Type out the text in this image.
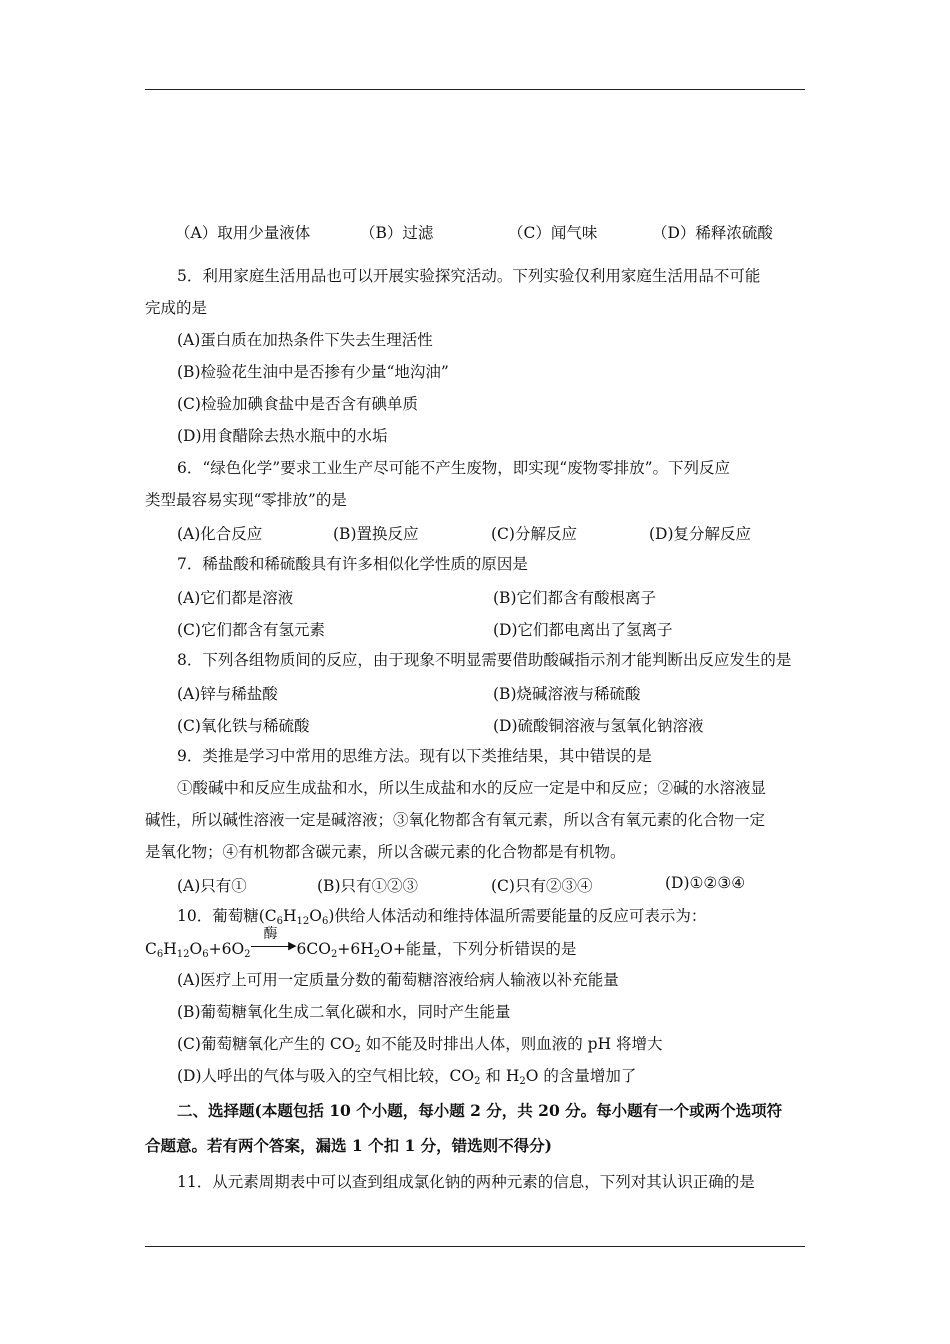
（A）取用少量液体	（B）过滤	（C）闻气味	（D）稀释浓硫酸
5．利用家庭生活用品也可以开展实验探究活动。下列实验仅利用家庭生活用品不可能
完成的是
(A)蛋白质在加热条件下失去生理活性
(B)检验花生油中是否掺有少量“地沟油”
(C)检验加碘食盐中是否含有碘单质
(D)用食醋除去热水瓶中的水垢
6．“绿色化学”要求工业生产尽可能不产生废物，即实现“废物零排放”。下列反应
类型最容易实现“零排放”的是
(A)化合反应	(B)置换反应	(C)分解反应	(D)复分解反应
7．稀盐酸和稀硫酸具有许多相似化学性质的原因是
(A)它们都是溶液	(B)它们都含有酸根离子
(C)它们都含有氢元素	(D)它们都电离出了氢离子
8．下列各组物质间的反应，由于现象不明显需要借助酸碱指示剂才能判断出反应发生的是
(A)锌与稀盐酸	(B)烧碱溶液与稀硫酸
(C)氧化铁与稀硫酸	(D)硫酸铜溶液与氢氧化钠溶液
9．类推是学习中常用的思维方法。现有以下类推结果，其中错误的是
①酸碱中和反应生成盐和水，所以生成盐和水的反应一定是中和反应；②碱的水溶液显
碱性，所以碱性溶液一定是碱溶液；③氧化物都含有氧元素，所以含有氧元素的化合物一定
是氧化物；④有机物都含碳元素，所以含碳元素的化合物都是有机物。
(A)只有①	(B)只有①②③	(C)只有②③④	(D)①②③④
10．葡萄糖$(C_6H_{12}O_6)$供给人体活动和维持体温所需要能量的反应可表示为：
$C_6H_{12}O_6+6O_2$
酶
▶ $6CO_2+6H_2O+$能量，下列分析错误的是
(A)医疗上可用一定质量分数的葡萄糖溶液给病人输液以补充能量
(B)葡萄糖氧化生成二氧化碳和水，同时产生能量
(C)葡萄糖氧化产生的 $CO_2$ 如不能及时排出人体，则血液的 pH 将增大
(D)人呼出的气体与吸入的空气相比较，$CO_2$ 和 $H_2O$ 的含量增加了
二、选择题(本题包括 10 个小题，每小题 2 分，共 20 分。每小题有一个或两个选项符
合题意。若有两个答案，漏选 1 个扣 1 分，错选则不得分)
11．从元素周期表中可以查到组成氯化钠的两种元素的信息，下列对其认识正确的是
